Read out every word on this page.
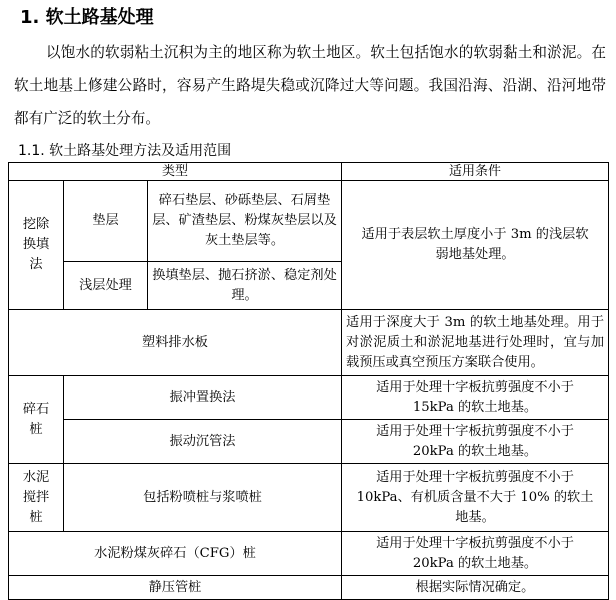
1. 软土路基处理
以饱水的软弱粘土沉积为主的地区称为软土地区。软土包括饱水的软弱黏土和淤泥。在软土地基上修建公路时，容易产生路堤失稳或沉降过大等问题。我国沿海、沿湖、沿河地带都有广泛的软土分布。
1.1. 软土路基处理方法及适用范围
类型			适用条件
挖除换填法	垫层	碎石垫层、砂砾垫层、石屑垫层、矿渣垫层、粉煤灰垫层以及灰土垫层等。	适用于表层软土厚度小于 3m 的浅层软弱地基处理。
	浅层处理	换填垫层、抛石挤淤、稳定剂处理。	
塑料排水板			适用于深度大于 3m 的软土地基处理。用于对淤泥质土和淤泥地基进行处理时，宜与加载预压或真空预压方案联合使用。
碎石桩	振冲置换法		适用于处理十字板抗剪强度不小于 15kPa 的软土地基。
	振动沉管法		适用于处理十字板抗剪强度不小于 20kPa 的软土地基。
水泥搅拌桩	包括粉喷桩与浆喷桩		适用于处理十字板抗剪强度不小于 10kPa、有机质含量不大于 10% 的软土地基。
水泥粉煤灰碎石（CFG）桩			适用于处理十字板抗剪强度不小于 20kPa 的软土地基。
静压管桩			根据实际情况确定。
